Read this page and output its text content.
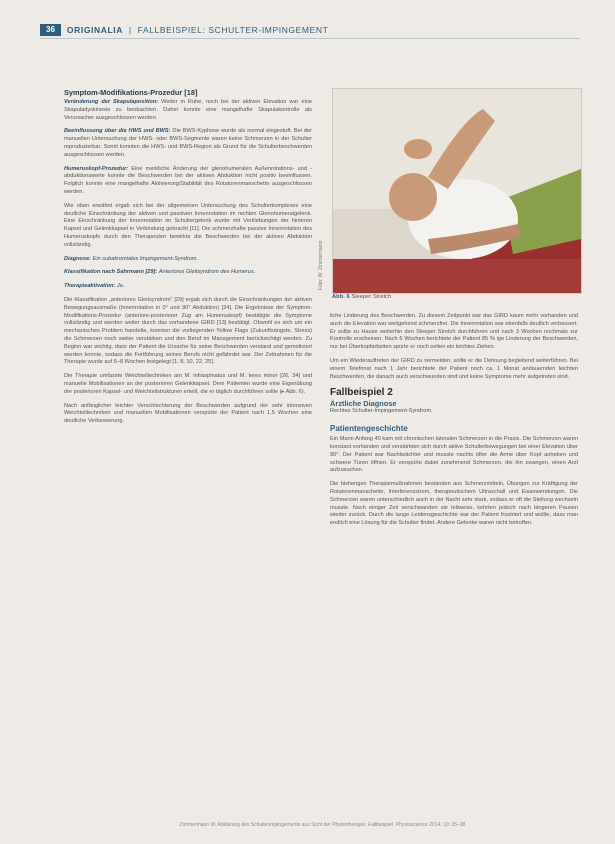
36	ORIGINALIA  |  FALLBEISPIEL: SCHULTER-IMPINGEMENT
Symptom-Modifikations-Prozedur [18]

Veränderung der Skapulaposition: Weder in Ruhe, noch bei der aktiven Elevation war eine Skapuladyskinesie zu beobachten. Daher konnte eine mangelhafte Skapulakontrolle als Verursacher ausgeschlossen werden.

Beeinflussung über die HWS und BWS: Die BWS-Kyphose wurde als normal eingestuft. Bei der manuellen Untersuchung der HWS- oder BWS-Segmente waren keine Schmerzen in der Schulter reproduzierbar. Somit konnten die HWS- und BWS-Region als Grund für die Schulterbeschwerden ausgeschlossen werden.

Humeruskopf-Prozedur: Eine merkliche Änderung der glenohumeralen Außenrotations- und -abduktionswerte konnte die Beschwerden bei der aktiven Abduktion nicht positiv beeinflussen. Folglich konnte eine mangelhafte Aktivierung/Stabilität des Rotatorenmanschette ausgeschlossen werden.

Wie oben erwähnt ergab sich bei der allgemeinen Untersuchung des Schulterkomplexes eine deutliche Einschränkung der aktiven und passiven Innenrotation im rechten Glenohumeralgelenk. Eine Einschränkung der Innenrotation im Schultergelenk wurde mit Verklebungen der hinteren Kapsel und Gelenkkapsel in Verbindung gebracht [11]. Die schmerzhafte passive Innenrotation des Humeruskopfs durch den Therapeuten bewirkte die Beschwerden bei der aktiven Abduktion vollständig.

Diagnose: Ein subakromiales Impingement-Syndrom.

Klassifikation nach Sahrmann [29]: Anteriores Gleitsyndrom des Humerus.

Therapieaktivation: Ja.

Die Klassifikation „anteriores Gleitsyndrom“ [29] ergab sich durch die Einschränkungen der aktiven Bewegungsausmaße (Innenrotation in 0° und 90° Abduktion) [24]. Die Ergebnisse der Symptom-Modifikations-Prozedur (anteriore-posteriorer Zug am Humeruskopf) bestätigte die Symptome vollständig und werden weiter durch das vorhandene GIRD [13] bestätigt. Obwohl es sich um ein mechanisches Problem handelte, konnten die vorliegenden Yellow Flags (Zukunftsängste, Stress) die Schmerzen noch weiter verstärken und den Beruf im Management berücksichtigt werden. Zu Beginn war wichtig, dass der Patient die Ursache für seine Beschwerden verstand und gemotiviert werden konnte, sodass die Fortführung seines Berufs nicht gefährdet war. Der Zeitrahmen für die Therapie wurde auf 6–8 Wochen festgelegt [1, 8, 10, 22, 25].

Die Therapie umfasste Weichteiltechniken am M. infraspinatus und M. teres minor [26, 34] und manuelle Mobilisationen an der posterioren Gelenkkapsel. Dem Patienten wurde eine Eigenübung der posterioren Kapsel- und Weichteilstrukturen erteilt, die er täglich durchführen sollte (▸ Abb. 6).

Nach anfänglicher leichter Verschlechterung der Beschwerden aufgrund der sehr intensiven Weichteiltechniken und manuellen Mobilisationen verspürte der Patient nach 1,5 Wochen eine deutliche Verbesserung.

Foto: W. Zimmermann
Abb. 6 Sleeper Stretch

liche Linderung des Beschwerden. Zu diesem Zeitpunkt war das GIRD kaum mehr vorhanden und auch die Elevation war weitgehend schmerzfrei. Die Innenrotation war ebenfalls deutlich verbessert. Er sollte zu Hause weiterhin den Sleeper Stretch durchführen und nach 3 Wochen nochmals zur Kontrolle erscheinen. Nach 6 Wochen berichtete der Patient 85 % ige Linderung der Beschwerden, nur bei Überkopfarbeiten spürte er noch selten ein leichtes Ziehen.

Um ein Wiederauftreten der GIRD zu vermeiden, sollte er die Dehnung begleitend weiterführen. Bei einem Telefonat nach 1 Jahr berichtete der Patient noch ca. 1 Monat andauernden leichten Beschwerden, die danach auch verschwunden sind und keine Symptome mehr aufgetreten sind.

Fallbeispiel 2
Ärztliche Diagnose

Rechtes Schulter-Impingement-Syndrom.

Patientengeschichte

Ein Mann Anfang 40 kam mit chronischen lateralen Schmerzen in die Praxis. Die Schmerzen waren konstant vorhanden und verstärkten sich durch aktive Schulterbewegungen bei einer Elevation über 90°. Der Patient war Nachtwächter und musste nachts öfter die Arme über Kopf anheben und schwere Türen öffnen. Er verspürte dabei zunehmend Schmerzen, die ihn zwangen, einen Arzt aufzusuchen.

Die bisherigen Therapiemaßnahmen bestanden aus Schmerzmitteln, Übungen zur Kräftigung der Rotatorenmanschette, Interferenzstrom, therapeutischem Ultraschall und Eisanwendungen. Die Schmerzen waren unterschiedlich auch in der Nacht sehr stark, sodass er oft die Stellung wechseln musste. Nach einiger Zeit verschwanden sie teilweise, kehrten jedoch nach längeren Pausen wieder zurück. Durch die lange Leidensgeschichte war der Patient frustriert und wollte, dass man endlich eine Lösung für die Schulter findet. Andere Gelenke waren nicht betroffen.

Zimmermann W. Abklärung des Schulterimpingements aus Sicht der Physiotherapie: Fallbeispiel. Physioscience 2014; 10: 35–38
